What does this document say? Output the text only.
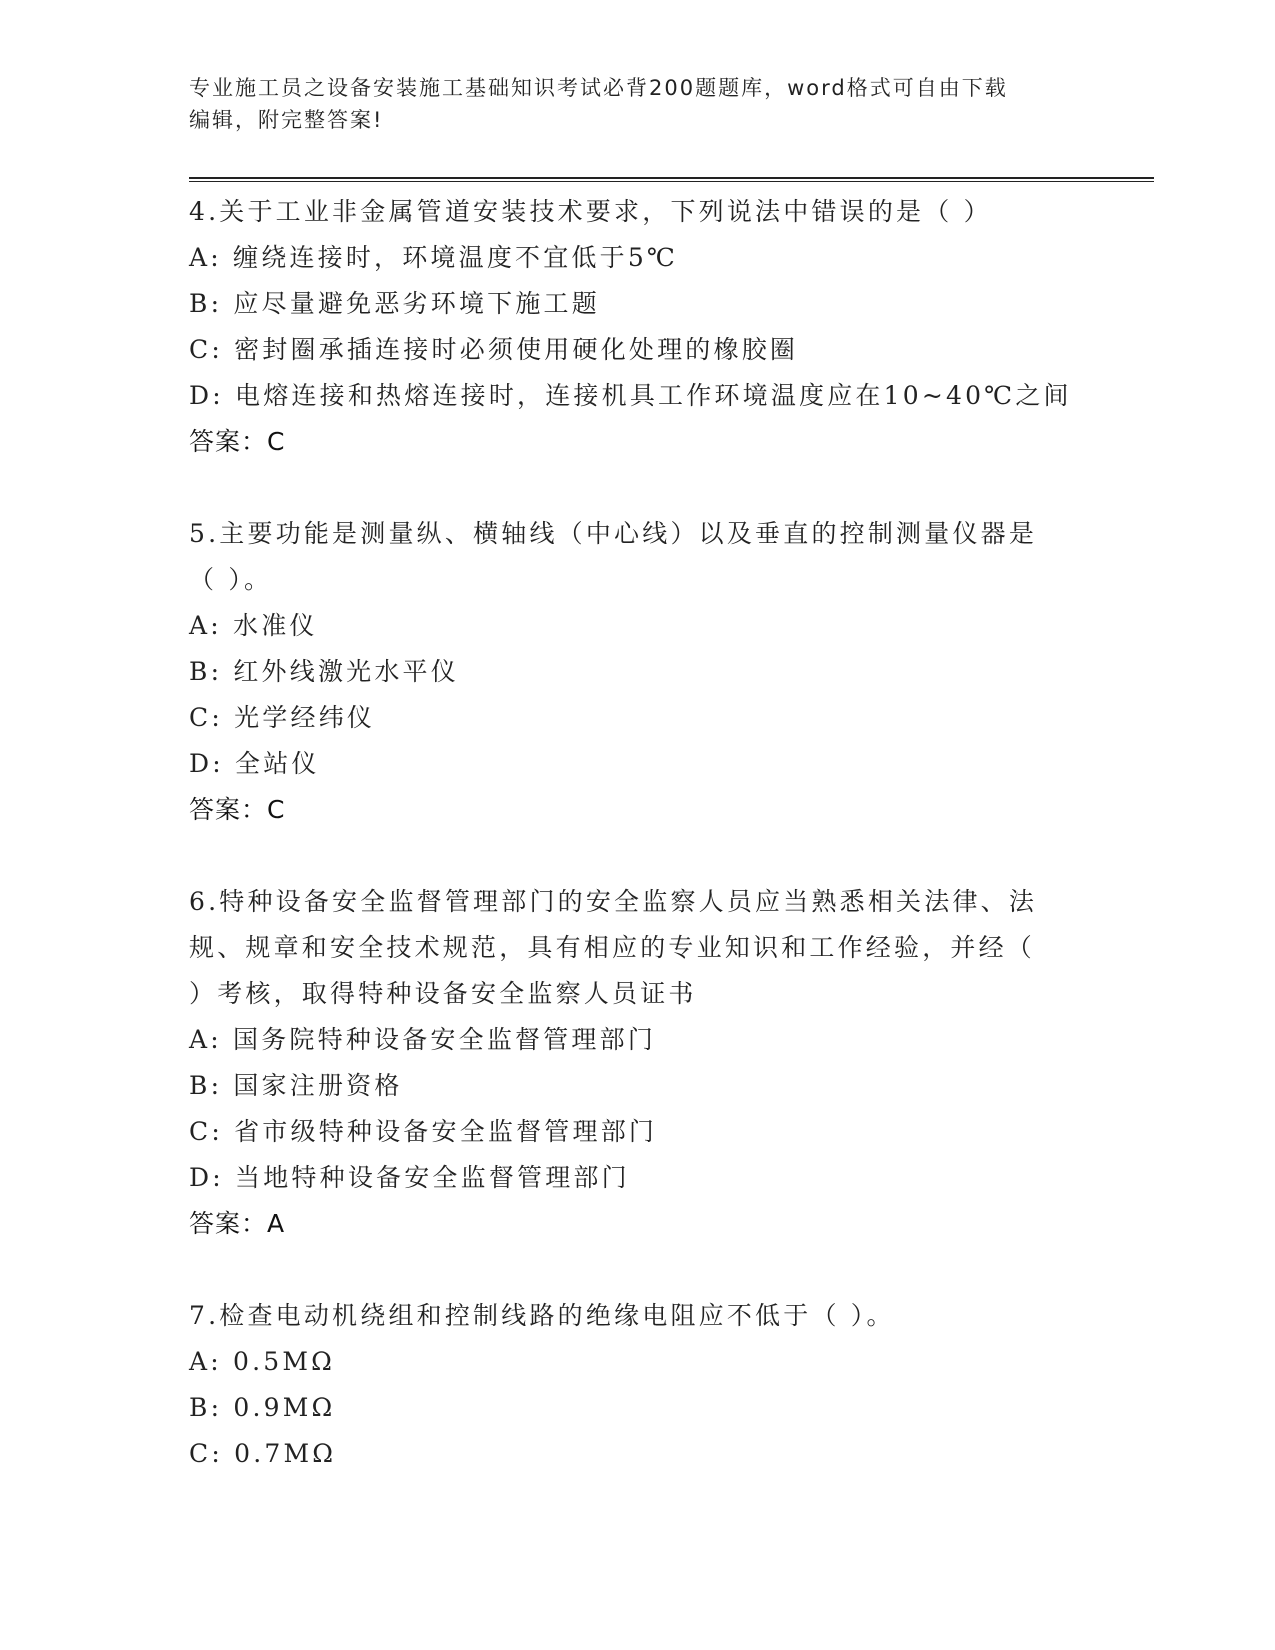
专业施工员之设备安装施工基础知识考试必背200题题库，word格式可自由下载
编辑，附完整答案!
4.关于工业非金属管道安装技术要求，下列说法中错误的是（ ）
A: 缠绕连接时，环境温度不宜低于5℃
B: 应尽量避免恶劣环境下施工题
C: 密封圈承插连接时必须使用硬化处理的橡胶圈
D: 电熔连接和热熔连接时，连接机具工作环境温度应在10~40℃之间
答案：C
5.主要功能是测量纵、横轴线（中心线）以及垂直的控制测量仪器是
（ ）。
A: 水准仪
B: 红外线激光水平仪
C: 光学经纬仪
D: 全站仪
答案：C
6.特种设备安全监督管理部门的安全监察人员应当熟悉相关法律、法
规、规章和安全技术规范，具有相应的专业知识和工作经验，并经（
）考核，取得特种设备安全监察人员证书
A: 国务院特种设备安全监督管理部门
B: 国家注册资格
C: 省市级特种设备安全监督管理部门
D: 当地特种设备安全监督管理部门
答案：A
7.检查电动机绕组和控制线路的绝缘电阻应不低于（ ）。
A: 0.5MΩ
B: 0.9MΩ
C: 0.7MΩ
